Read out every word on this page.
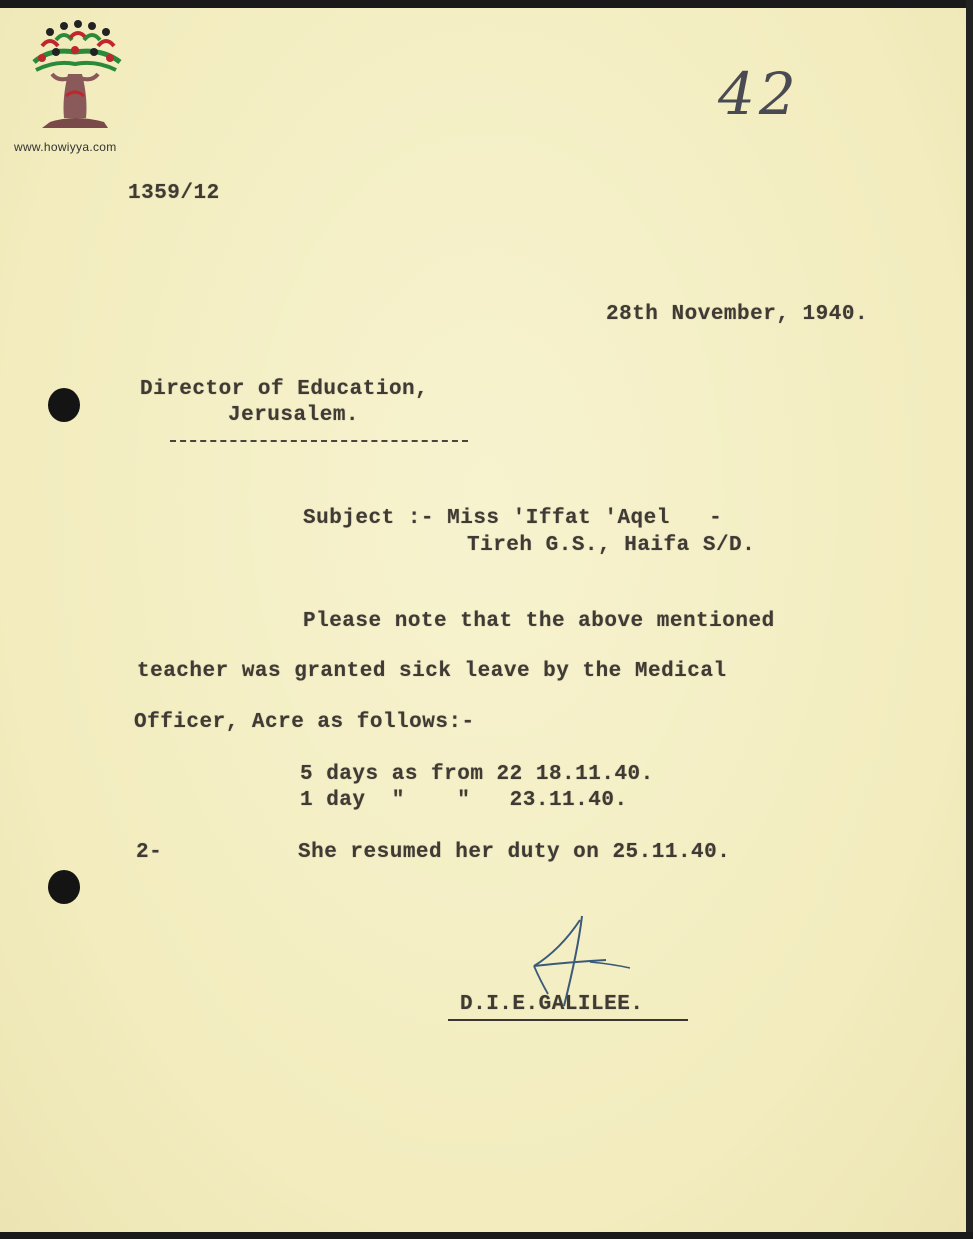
www.howiyya.com
42
1359/12
28th November, 1940.
Director of Education,
Jerusalem.
Subject :- Miss 'Iffat 'Aqel   -
Tireh G.S., Haifa S/D.
Please note that the above mentioned
teacher was granted sick leave by the Medical
Officer, Acre as follows:-
5 days as from 22 18.11.40.
1 day  "    "   23.11.40.
2-	She resumed her duty on 25.11.40.
D.I.E.GALILEE.
